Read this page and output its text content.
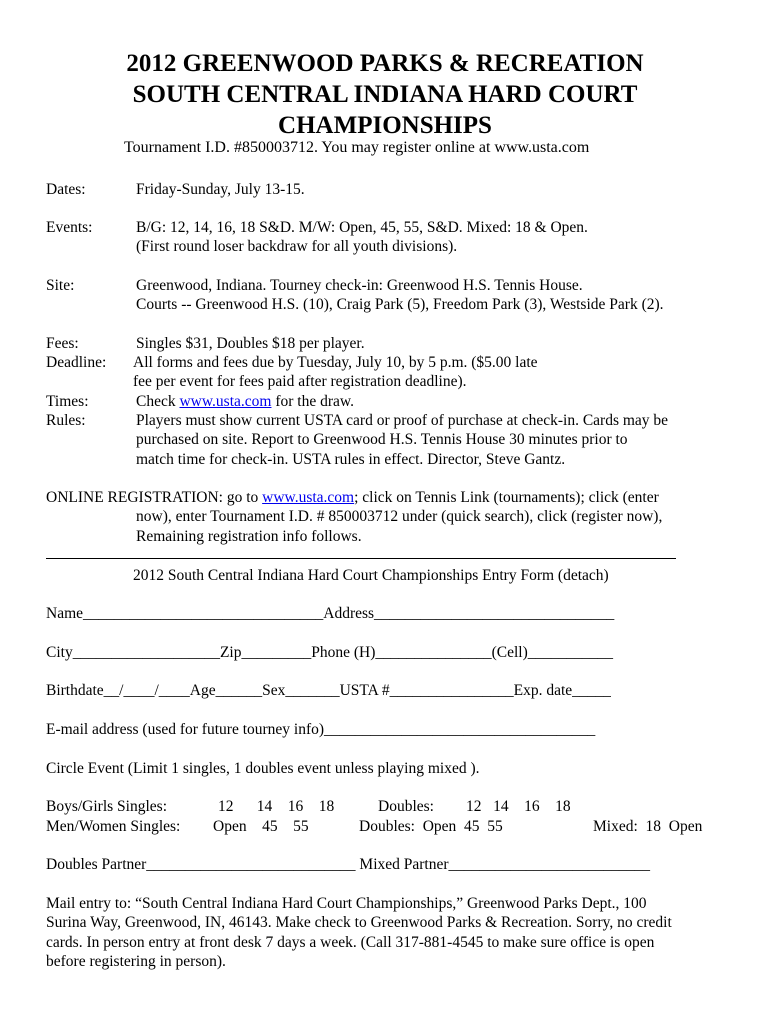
2012 GREENWOOD PARKS & RECREATION
SOUTH CENTRAL INDIANA HARD COURT
CHAMPIONSHIPS
Tournament I.D. #850003712. You may register online at www.usta.com
Dates:	Friday-Sunday, July 13-15.
Events:	B/G: 12, 14, 16, 18 S&D. M/W: Open, 45, 55, S&D. Mixed: 18 & Open.
(First round loser backdraw for all youth divisions).
Site:	Greenwood, Indiana. Tourney check-in: Greenwood H.S. Tennis House.
Courts -- Greenwood H.S. (10), Craig Park (5), Freedom Park (3), Westside Park (2).
Fees:	Singles $31, Doubles $18 per player.
Deadline: All forms and fees due by Tuesday, July 10, by 5 p.m. ($5.00 late
fee per event for fees paid after registration deadline).
Times:	Check www.usta.com for the draw.
Rules:	Players must show current USTA card or proof of purchase at check-in. Cards may be
purchased on site. Report to Greenwood H.S. Tennis House 30 minutes prior to
match time for check-in. USTA rules in effect. Director, Steve Gantz.
ONLINE REGISTRATION: go to www.usta.com; click on Tennis Link (tournaments); click (enter
now), enter Tournament I.D. # 850003712 under (quick search), click (register now),
Remaining registration info follows.
2012 South Central Indiana Hard Court Championships Entry Form (detach)
Name_______________________________Address_______________________________
City___________________Zip_________Phone (H)_______________(Cell)___________
Birthdate__/____/____Age______Sex_______USTA #________________Exp. date_____
E-mail address (used for future tourney info)___________________________________
Circle Event (Limit 1 singles, 1 doubles event unless playing mixed ).
Boys/Girls Singles:	12      14    16    18	Doubles: 12   14    16    18
Men/Women Singles: Open    45    55	Doubles:  Open  45  55	Mixed:  18  Open
Doubles Partner___________________________ Mixed Partner__________________________
Mail entry to: “South Central Indiana Hard Court Championships,” Greenwood Parks Dept., 100
Surina Way, Greenwood, IN, 46143. Make check to Greenwood Parks & Recreation. Sorry, no credit
cards. In person entry at front desk 7 days a week. (Call 317-881-4545 to make sure office is open
before registering in person).
